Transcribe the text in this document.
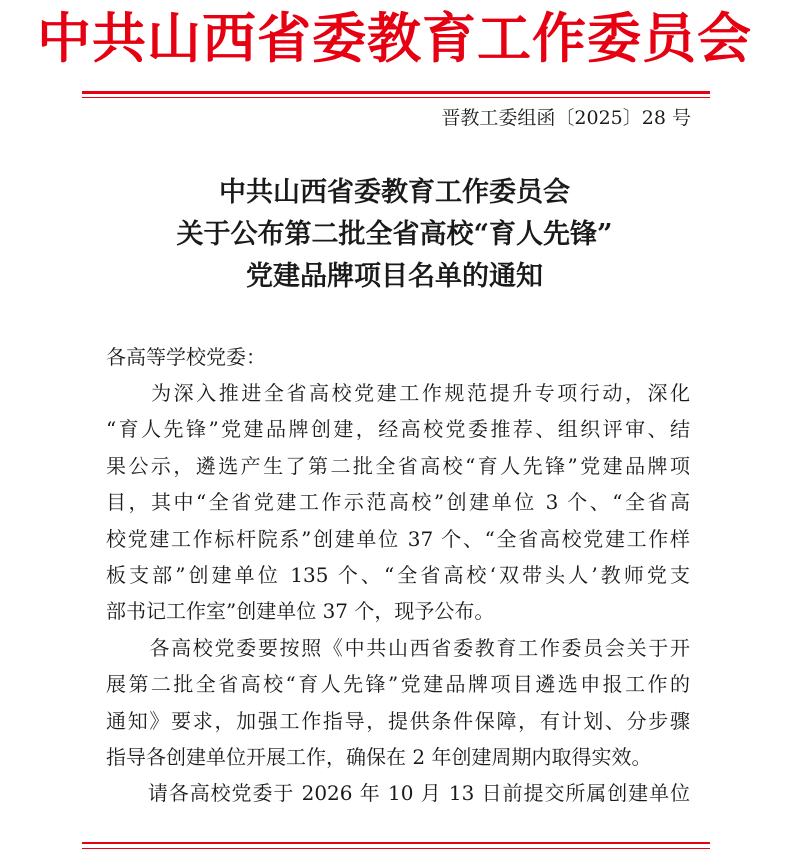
中共山西省委教育工作委员会
晋教工委组函〔2025〕28 号
中共山西省委教育工作委员会
关于公布第二批全省高校“育人先锋”
党建品牌项目名单的通知
各高等学校党委：
　　为深入推进全省高校党建工作规范提升专项行动，深化
“育人先锋”党建品牌创建，经高校党委推荐、组织评审、结
果公示，遴选产生了第二批全省高校“育人先锋”党建品牌项
目，其中“全省党建工作示范高校”创建单位 3 个、“全省高
校党建工作标杆院系”创建单位 37 个、“全省高校党建工作样
板支部”创建单位 135 个、“全省高校‘双带头人’教师党支
部书记工作室”创建单位 37 个，现予公布。
　　各高校党委要按照《中共山西省委教育工作委员会关于开
展第二批全省高校“育人先锋”党建品牌项目遴选申报工作的
通知》要求，加强工作指导，提供条件保障，有计划、分步骤
指导各创建单位开展工作，确保在 2 年创建周期内取得实效。
　　请各高校党委于 2026 年 10 月 13 日前提交所属创建单位
